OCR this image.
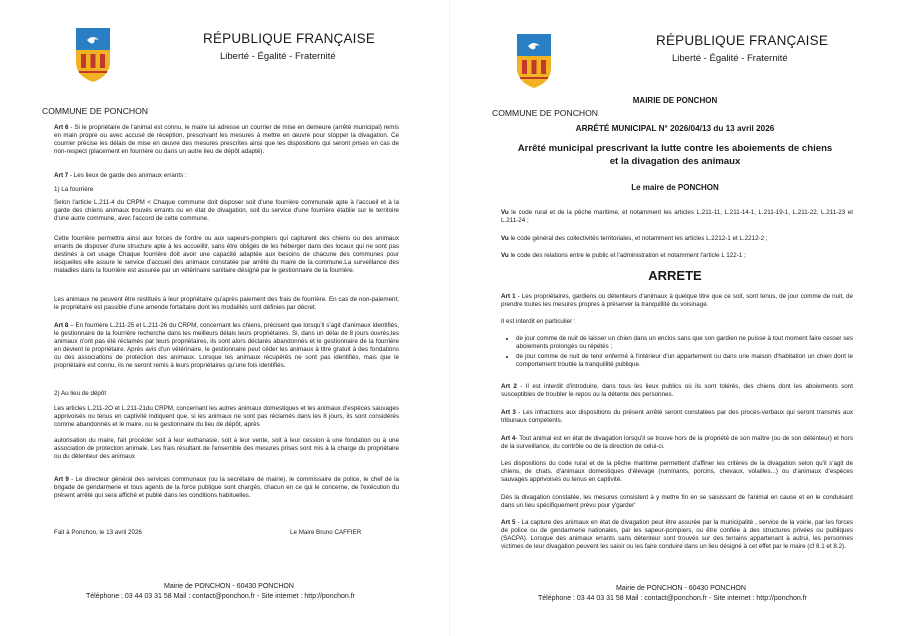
RÉPUBLIQUE FRANÇAISE
Liberté - Égalité - Fraternité
COMMUNE DE PONCHON
Art 6 - Si le propriétaire de l'animal est connu, le maire lui adresse un courrier de mise en demeure (arrêté municipal) remis en main propre ou avec accusé de réception, prescrivant les mesures à mettre en œuvre pour stopper la divagation. Ce courrier précise les délais de mise en œuvre des mesures prescrites ainsi que les dispositions qui seront prises en cas de non-respect (placement en fourrière ou dans un autre lieu de dépôt adapté).
Art 7 - Les lieux de garde des animaux errants :
1) La fourrière
Selon l'article L.211-4 du CRPM < Chaque commune doit disposer soit d'une fourrière communale apte à l'accueil et à la garde des chiens animaux trouvés errants ou en état de divagation, soit du service d'une fourrière établie sur le territoire d'une autre commune, avec l'accord de cette commune.
Cette fourrière permettra ainsi aux forces de l'ordre ou aux sapeurs-pompiers qui capturent des chiens ou des animaux errants de disposer d'une structure apte à les accueillir, sans être obligés de les héberger dans des locaux qui ne sont pas destinés à cet usage Chaque fourrière doit avoir une capacité adaptée aux besoins de chacune des communes pour lesquelles elle assure le service d'accueil des animaux constatée par arrêté du maire de la commune.La surveillance des maladies dans la fourrière est assurée par un vétérinaire sanitaire désigné par le gestionnaire de la fourrière.
Les animaux ne peuvent être restitués à leur propriétaire qu'après paiement des frais de fourrière. En cas de non-paiement, le propriétaire est passible d'une amende fortaitaire dont les modalités sont définies par décret.
Art 8 – En fourrière L.211-25 et L.211-26 du CRPM, concernant les chiens, précisent que lorsqu'il s'agit d'animaux identifiés, le gestionnaire de la fourrière recherche dans les meilleurs délais leurs propriétaires. Si, dans un délai de 8 jours ouvrés,les animaux n'ont pas été réclamés par leurs propriétaires, ils sont alors déclarés abandonnés et le gestionnaire de la fourrière en devient le propriétaire. Après avis d'un vétérinaire, le gestionnaire peut céder les animaux à titre gratuit à des fondations ou des associations de protection des animaux. Lorsque les animaux récupérés ne sont pas identifiés, mais que le propriétaire est connu, ils ne seront remis à leurs propriétaires qu'une fois identifiés.
2) Au lieu de dépôt
Les articles L.211-2O et L.211-21du CRPM, concernant les autres animaux domestiques et les animaux d'espèces sauvages apprivoisés ou tenus en captivité indiquent que, si les animaux ne sont pas réclamés dans les 8 jours, ils sont considérés comme abandonnés et le maire, ou le gestionnaire du lieu de dépôt, après
autorisation du maire, fait procéder soit à leur euthanasie, soit à leur vente, soit à leur cession à une fondation ou à une association de protection animale. Les frais résultant de l'ensemble des mesures prises sont mis à la charge du propriétaire ou du détenteur des animaux
Art 9 - Le directeur général des services communaux (ou la secrétaire de mairie), le commissaire de police, le chef de la brigade de gendarmerie et tous agents de la force publique sont chargés, chacun en ce qui le concerne, de l'exécution du présent arrêté qui sera affiché et publié dans les conditions habituelles.
Fait à Ponchon, le 13 avril 2026	Le Maire Bruno CAFFIER
Mairie de PONCHON - 60430 PONCHON
Téléphone : 03 44 03 31 58 Mail : contact@ponchon.fr - Site internet : http://ponchon.fr
RÉPUBLIQUE FRANÇAISE
Liberté - Égalité - Fraternité
COMMUNE DE PONCHON
MAIRIE DE PONCHON
ARRÊTÉ MUNICIPAL N° 2026/04/13 du 13 avril 2026
Arrêté municipal prescrivant la lutte contre les aboiements de chiens
et la divagation des animaux
Le maire de PONCHON
Vu le code rural et de la pêche maritime, et notamment les articles L.211-11, L.211-14-1, L.211-19-1, L.211-22, L.211-23 et L.211-24 ;
Vu le code général des collectivités territoriales, et notamment les articles L.2212-1 et L.2212-2 ;
Vu le code des relations entre le public et l'administration et notamment l'article L 122-1 ;
ARRETE
Art 1 - Les propriétaires, gardiens ou détenteurs d'animaux à quelque titre que ce soit, sont tenus, de jour comme de nuit, de prendre toutes les mesures propres à préserver la tranquillité du voisinage.
Il est interdit en particulier :
• de jour comme de nuit de laisser un chien dans un enclos sans que son gardien ne puisse à tout moment faire cesser ses aboiements prolongés ou répétés ;
• de jour comme de nuit de tenir enfermé à l'intérieur d'un appartement ou dans une maison d'habitation un chien dont le comportement trouble la tranquillité publique.
Art 2 - Il est interdit d'introduire, dans tous les lieux publics où ils sont tolérés, des chiens dont les aboiements sont susceptibles de troubler le repos ou la détente des personnes.
Art 3 - Les infractions aux dispositions du présent arrêté seront constatées par des procès-verbaux qui seront transmis aux tribunaux compétents.
Art 4- Tout animal est en état de divagation lorsqu'il se trouve hors de la propriété de son maître (ou de son détenteur) et hors de la surveillance, du contrôle ou de la direction de celui-ci.
Les dispositions du code rural et de la pêche maritime permettent d'affiner les critères de la divagation selon qu'il s'agit de chiens, de chats, d'animaux domestiques d'élevage (ruminants, porcins, chevaux, volailles...) ou d'animaux d'espèces sauvages apprivoisés ou tenus en captivité.
Dès la divagation constatée, les mesures consistent à y mettre fin en se saisissant de l'animal en cause et en le conduisant dans un lieu spécifiquement prévu pour y'garder'
Art 5 - La capture des animaux en état de divagation peut être assurée par la municipalité , service de la voirie, par les forces de police ou de gendarmerie nationales, par les sapeur-pompiers, ou être confiée à des structures privées ou publiques (SACPA). Lorsque des animaux errants sans détenteur sont trouvés sur des terrains appartenant à autrui, les personnes victimes de leur divagation peuvent les saisir ou les faire conduire dans un lieu désigné à cet effet par le maire (cf 8.1 et 8.2).
Mairie de PONCHON - 60430 PONCHON
Téléphone : 03 44 03 31 58 Mail : contact@ponchon.fr - Site internet : http://ponchon.fr
